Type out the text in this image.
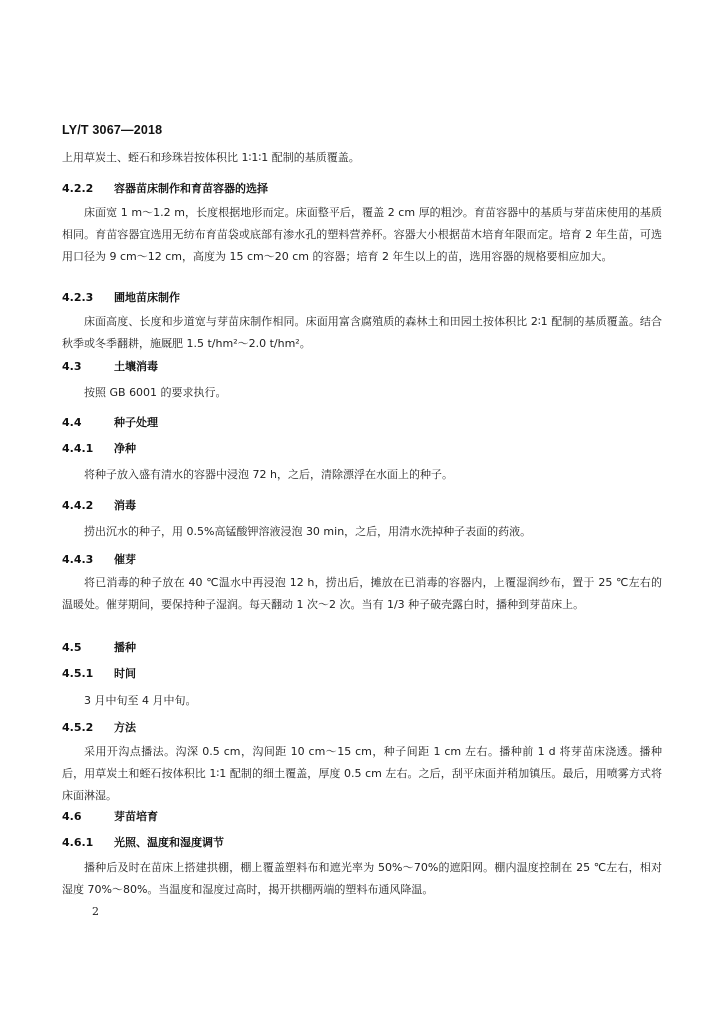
LY/T 3067—2018

上用草炭土、蛭石和珍珠岩按体积比 1∶1∶1 配制的基质覆盖。

4.2.2 容器苗床制作和育苗容器的选择

床面宽 1 m～1.2 m，长度根据地形而定。床面整平后，覆盖 2 cm 厚的粗沙。育苗容器中的基质与芽苗床使用的基质相同。育苗容器宜选用无纺布育苗袋或底部有渗水孔的塑料营养杯。容器大小根据苗木培育年限而定。培育 2 年生苗，可选用口径为 9 cm～12 cm，高度为 15 cm～20 cm 的容器；培育 2 年生以上的苗，选用容器的规格要相应加大。

4.2.3 圃地苗床制作

床面高度、长度和步道宽与芽苗床制作相同。床面用富含腐殖质的森林土和田园土按体积比 2∶1 配制的基质覆盖。结合秋季或冬季翻耕，施厩肥 1.5 t/hm²～2.0 t/hm²。

4.3	土壤消毒

按照 GB 6001 的要求执行。

4.4	种子处理
4.4.1 净种

将种子放入盛有清水的容器中浸泡 72 h，之后，清除漂浮在水面上的种子。

4.4.2 消毒

捞出沉水的种子，用 0.5%高锰酸钾溶液浸泡 30 min，之后，用清水洗掉种子表面的药液。

4.4.3 催芽

将已消毒的种子放在 40 ℃温水中再浸泡 12 h，捞出后，摊放在已消毒的容器内，上覆湿润纱布，置于 25 ℃左右的温暖处。催芽期间，要保持种子湿润。每天翻动 1 次～2 次。当有 1/3 种子破壳露白时，播种到芽苗床上。

4.5	播种
4.5.1 时间

3 月中旬至 4 月中旬。

4.5.2 方法

采用开沟点播法。沟深 0.5 cm，沟间距 10 cm～15 cm，种子间距 1 cm 左右。播种前 1 d 将芽苗床浇透。播种后，用草炭土和蛭石按体积比 1∶1 配制的细土覆盖，厚度 0.5 cm 左右。之后，刮平床面并稍加镇压。最后，用喷雾方式将床面淋湿。

4.6	芽苗培育
4.6.1 光照、温度和湿度调节

播种后及时在苗床上搭建拱棚，棚上覆盖塑料布和遮光率为 50%～70%的遮阳网。棚内温度控制在 25 ℃左右，相对湿度 70%～80%。当温度和湿度过高时，揭开拱棚两端的塑料布通风降温。

2
